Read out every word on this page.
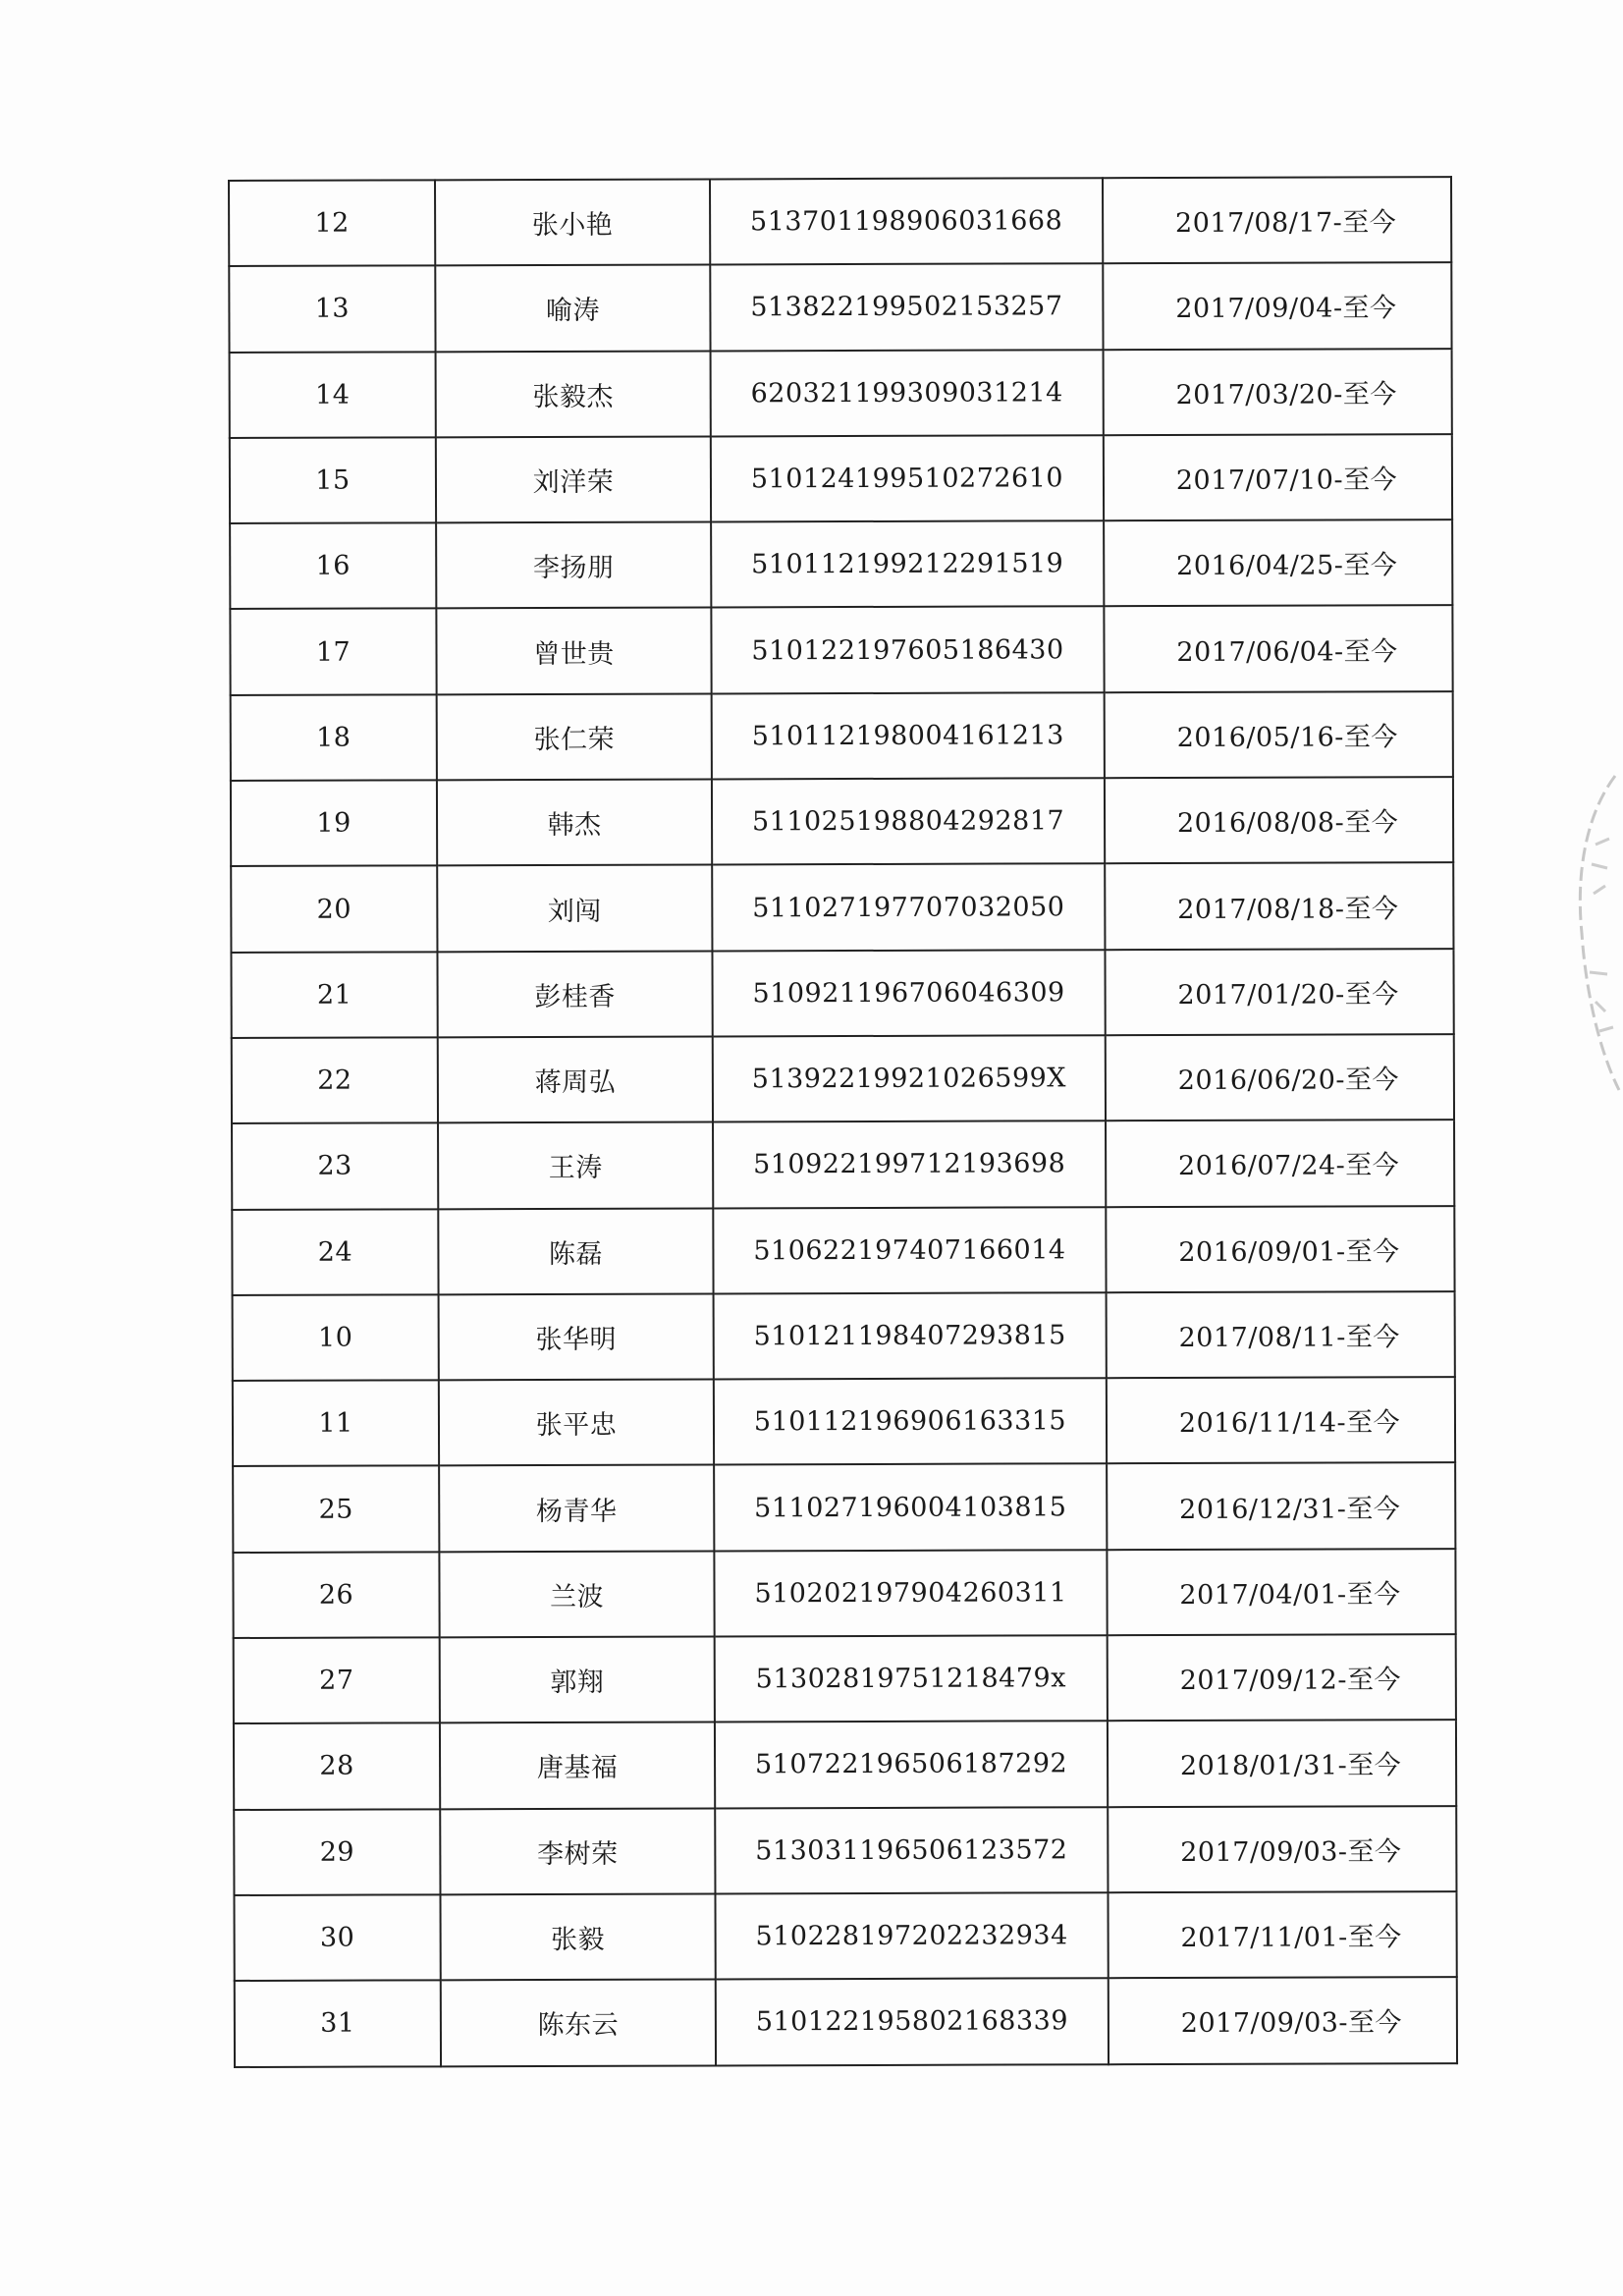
12	张小艳	513701198906031668	2017/08/17-至今
13	喻涛	513822199502153257	2017/09/04-至今
14	张毅杰	620321199309031214	2017/03/20-至今
15	刘洋荣	510124199510272610	2017/07/10-至今
16	李扬朋	510112199212291519	2016/04/25-至今
17	曾世贵	510122197605186430	2017/06/04-至今
18	张仁荣	510112198004161213	2016/05/16-至今
19	韩杰	511025198804292817	2016/08/08-至今
20	刘闯	511027197707032050	2017/08/18-至今
21	彭桂香	510921196706046309	2017/01/20-至今
22	蒋周弘	51392219921026599X	2016/06/20-至今
23	王涛	510922199712193698	2016/07/24-至今
24	陈磊	510622197407166014	2016/09/01-至今
10	张华明	510121198407293815	2017/08/11-至今
11	张平忠	510112196906163315	2016/11/14-至今
25	杨青华	511027196004103815	2016/12/31-至今
26	兰波	510202197904260311	2017/04/01-至今
27	郭翔	51302819751218479x	2017/09/12-至今
28	唐基福	510722196506187292	2018/01/31-至今
29	李树荣	513031196506123572	2017/09/03-至今
30	张毅	510228197202232934	2017/11/01-至今
31	陈东云	510122195802168339	2017/09/03-至今
